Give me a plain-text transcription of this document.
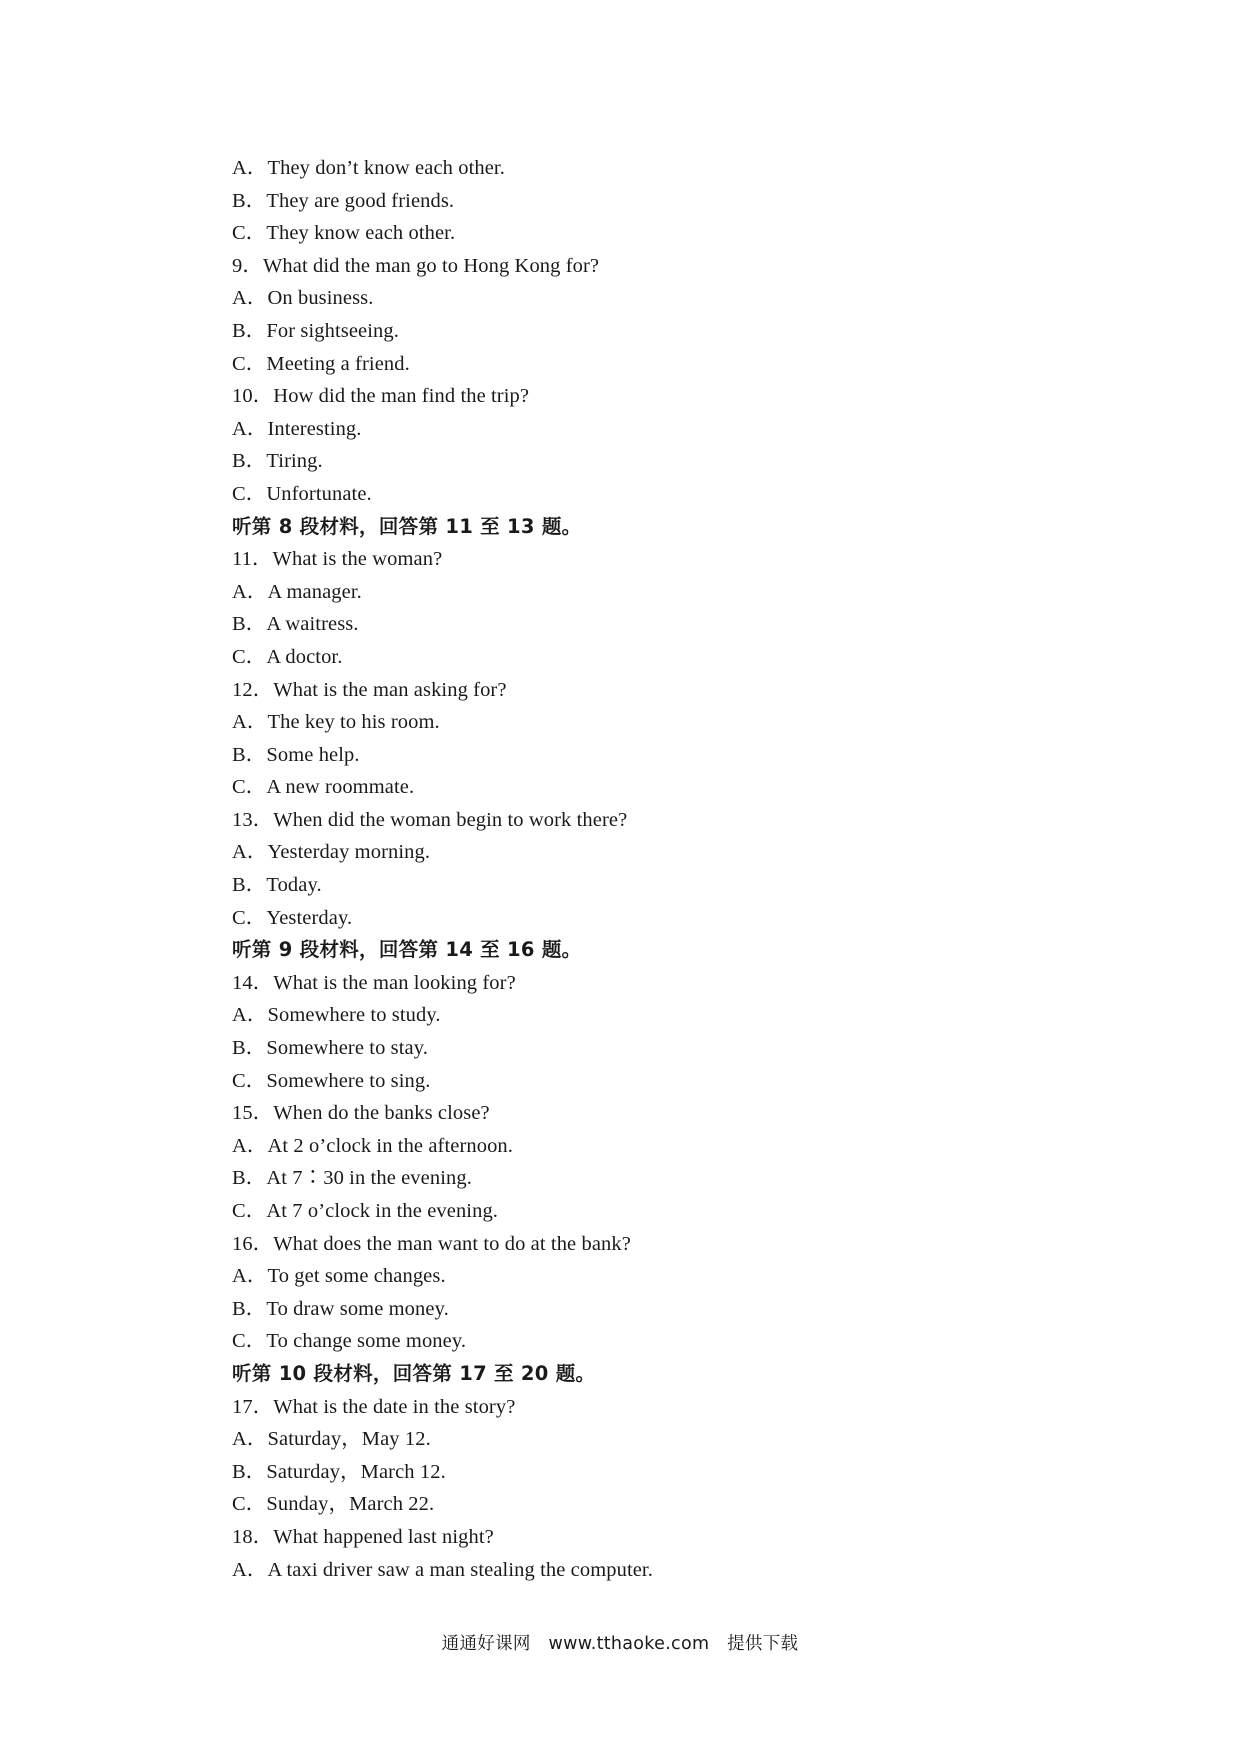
A．They don’t know each other.
B．They are good friends.
C．They know each other.
9．What did the man go to Hong Kong for?
A．On business.
B．For sightseeing.
C．Meeting a friend.
10．How did the man find the trip?
A．Interesting.
B．Tiring.
C．Unfortunate.
听第 8 段材料，回答第 11 至 13 题。
11．What is the woman?
A．A manager.
B．A waitress.
C．A doctor.
12．What is the man asking for?
A．The key to his room.
B．Some help.
C．A new roommate.
13．When did the woman begin to work there?
A．Yesterday morning.
B．Today.
C．Yesterday.
听第 9 段材料，回答第 14 至 16 题。
14．What is the man looking for?
A．Somewhere to study.
B．Somewhere to stay.
C．Somewhere to sing.
15．When do the banks close?
A．At 2 o’clock in the afternoon.
B．At 7∶30 in the evening.
C．At 7 o’clock in the evening.
16．What does the man want to do at the bank?
A．To get some changes.
B．To draw some money.
C．To change some money.
听第 10 段材料，回答第 17 至 20 题。
17．What is the date in the story?
A．Saturday，May 12.
B．Saturday，March 12.
C．Sunday，March 22.
18．What happened last night?
A．A taxi driver saw a man stealing the computer.
通通好课网　www.tthaoke.com　提供下载
